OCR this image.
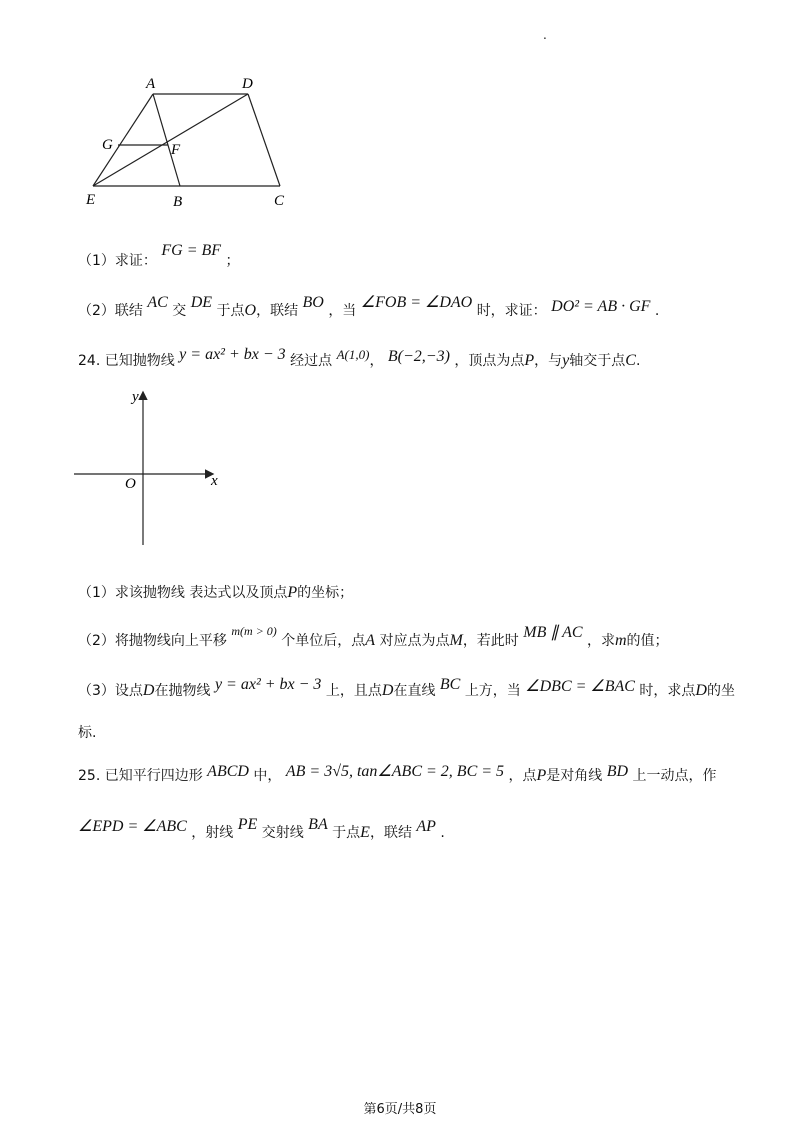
.
A	D
G	F
E	B	C
（1）求证： FG = BF ；
（2）联结 AC 交 DE 于点O，联结 BO ，当 ∠FOB = ∠DAO 时，求证： DO² = AB · GF .
24. 已知抛物线 y = ax² + bx − 3 经过点 A(1,0)， B(−2,−3) ，顶点为点P，与y轴交于点C.
y
x
O
（1）求该抛物线 表达式以及顶点P的坐标；
（2）将抛物线向上平移 m(m > 0) 个单位后，点A 对应点为点M，若此时 MB ∥ AC ，求m的值；
（3）设点D在抛物线 y = ax² + bx − 3 上，且点D在直线 BC 上方，当 ∠DBC = ∠BAC 时，求点D的坐
标.
25. 已知平行四边形 ABCD 中， AB = 3√5, tan∠ABC = 2, BC = 5 ，点P是对角线 BD 上一动点，作
∠EPD = ∠ABC ，射线 PE 交射线 BA 于点E，联结 AP .
第6页/共8页
